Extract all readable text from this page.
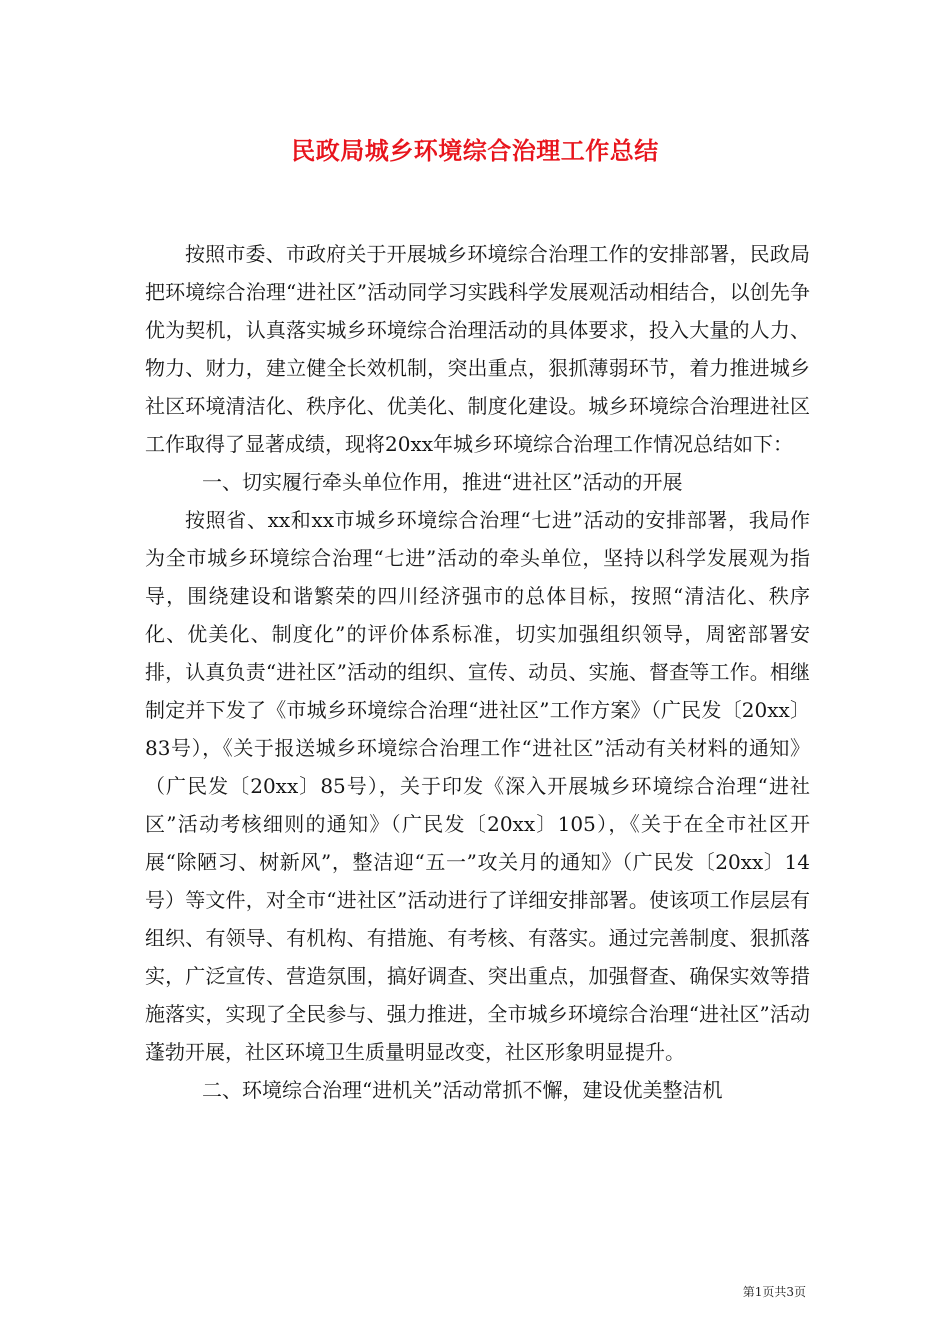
民政局城乡环境综合治理工作总结

按照市委、市政府关于开展城乡环境综合治理工作的安排部署，民政局把环境综合治理“进社区”活动同学习实践科学发展观活动相结合，以创先争优为契机，认真落实城乡环境综合治理活动的具体要求，投入大量的人力、物力、财力，建立健全长效机制，突出重点，狠抓薄弱环节，着力推进城乡社区环境清洁化、秩序化、优美化、制度化建设。城乡环境综合治理进社区工作取得了显著成绩，现将20xx年城乡环境综合治理工作情况总结如下：

一、切实履行牵头单位作用，推进“进社区”活动的开展

按照省、xx和xx市城乡环境综合治理“七进”活动的安排部署，我局作为全市城乡环境综合治理“七进”活动的牵头单位，坚持以科学发展观为指导，围绕建设和谐繁荣的四川经济强市的总体目标，按照“清洁化、秩序化、优美化、制度化”的评价体系标准，切实加强组织领导，周密部署安排，认真负责“进社区”活动的组织、宣传、动员、实施、督查等工作。相继制定并下发了《市城乡环境综合治理“进社区”工作方案》（广民发〔20xx〕83号），《关于报送城乡环境综合治理工作“进社区”活动有关材料的通知》（广民发〔20xx〕85号），关于印发《深入开展城乡环境综合治理“进社区”活动考核细则的通知》（广民发〔20xx〕105），《关于在全市社区开展“除陋习、树新风”，整洁迎“五一”攻关月的通知》（广民发〔20xx〕14号）等文件，对全市“进社区”活动进行了详细安排部署。使该项工作层层有组织、有领导、有机构、有措施、有考核、有落实。通过完善制度、狠抓落实，广泛宣传、营造氛围，搞好调查、突出重点，加强督查、确保实效等措施落实，实现了全民参与、强力推进，全市城乡环境综合治理“进社区”活动蓬勃开展，社区环境卫生质量明显改变，社区形象明显提升。

二、环境综合治理“进机关”活动常抓不懈，建设优美整洁机

第1页共3页
